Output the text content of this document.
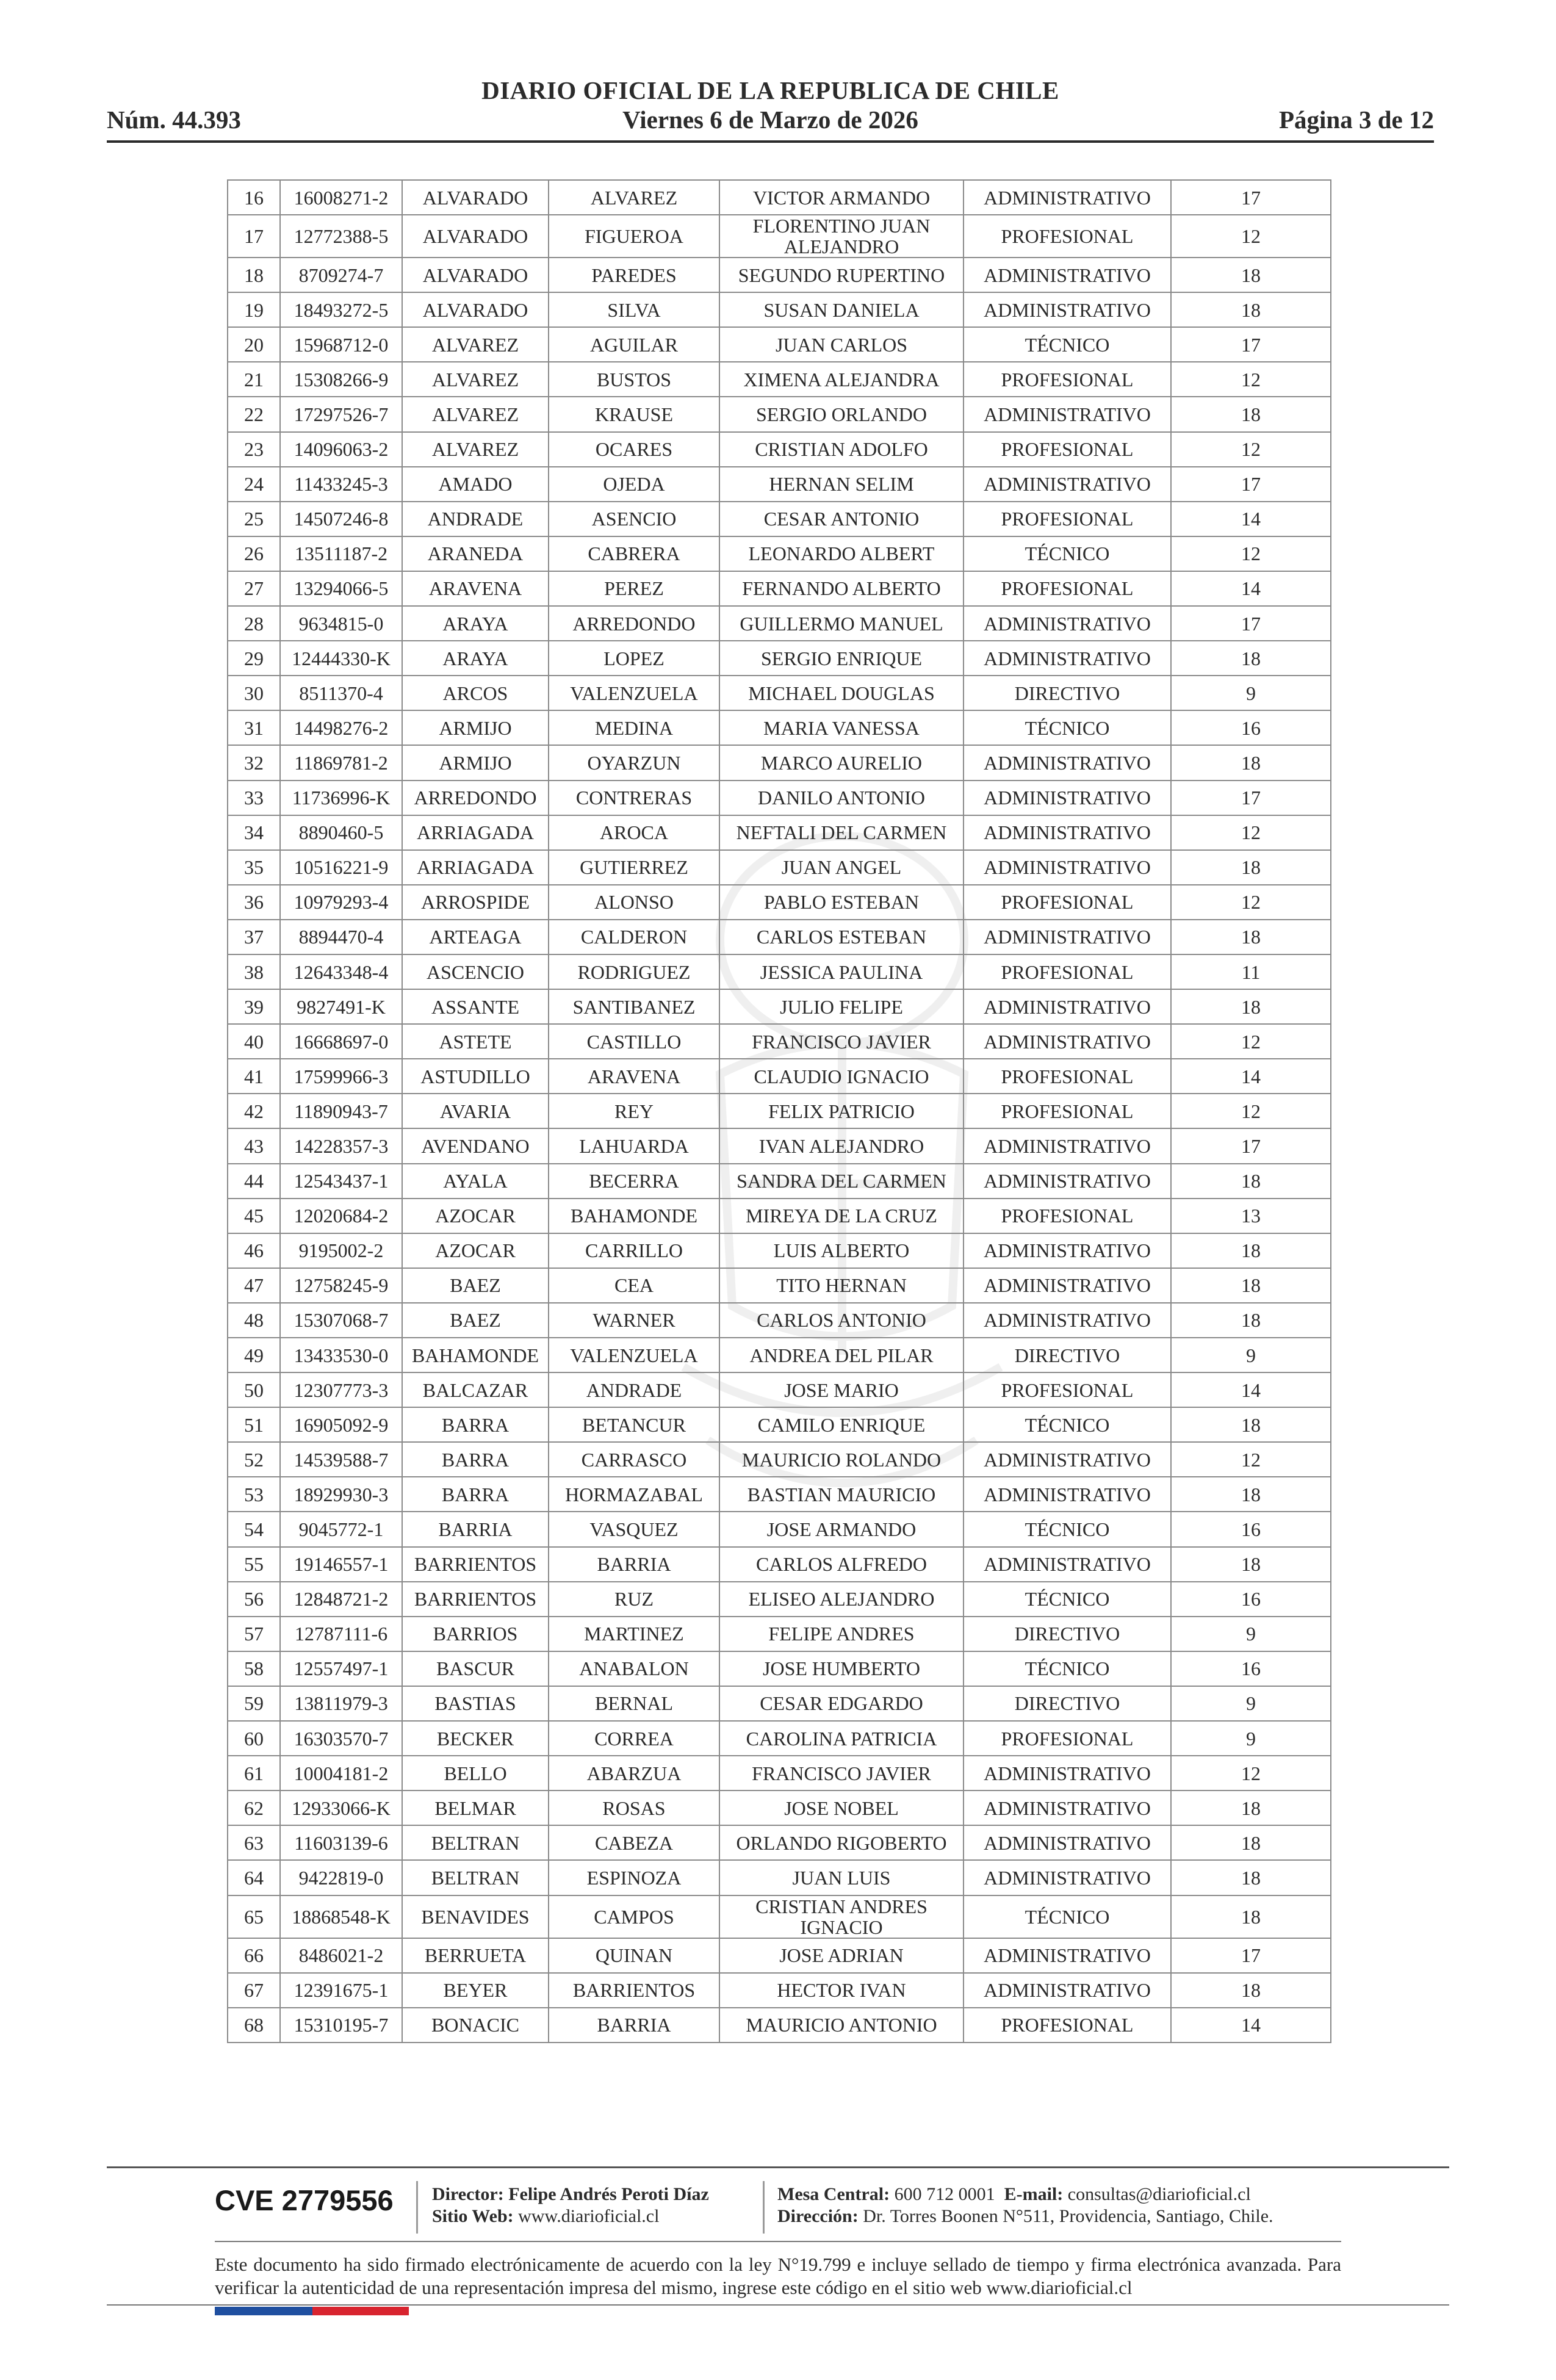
DIARIO OFICIAL DE LA REPUBLICA DE CHILE
Núm. 44.393	Viernes 6 de Marzo de 2026	Página 3 de 12
16	16008271-2	ALVARADO	ALVAREZ	VICTOR ARMANDO	ADMINISTRATIVO	17
17	12772388-5	ALVARADO	FIGUEROA	FLORENTINO JUAN ALEJANDRO	PROFESIONAL	12
18	8709274-7	ALVARADO	PAREDES	SEGUNDO RUPERTINO	ADMINISTRATIVO	18
19	18493272-5	ALVARADO	SILVA	SUSAN DANIELA	ADMINISTRATIVO	18
20	15968712-0	ALVAREZ	AGUILAR	JUAN CARLOS	TÉCNICO	17
21	15308266-9	ALVAREZ	BUSTOS	XIMENA ALEJANDRA	PROFESIONAL	12
22	17297526-7	ALVAREZ	KRAUSE	SERGIO ORLANDO	ADMINISTRATIVO	18
23	14096063-2	ALVAREZ	OCARES	CRISTIAN ADOLFO	PROFESIONAL	12
24	11433245-3	AMADO	OJEDA	HERNAN SELIM	ADMINISTRATIVO	17
25	14507246-8	ANDRADE	ASENCIO	CESAR ANTONIO	PROFESIONAL	14
26	13511187-2	ARANEDA	CABRERA	LEONARDO ALBERT	TÉCNICO	12
27	13294066-5	ARAVENA	PEREZ	FERNANDO ALBERTO	PROFESIONAL	14
28	9634815-0	ARAYA	ARREDONDO	GUILLERMO MANUEL	ADMINISTRATIVO	17
29	12444330-K	ARAYA	LOPEZ	SERGIO ENRIQUE	ADMINISTRATIVO	18
30	8511370-4	ARCOS	VALENZUELA	MICHAEL DOUGLAS	DIRECTIVO	9
31	14498276-2	ARMIJO	MEDINA	MARIA VANESSA	TÉCNICO	16
32	11869781-2	ARMIJO	OYARZUN	MARCO AURELIO	ADMINISTRATIVO	18
33	11736996-K	ARREDONDO	CONTRERAS	DANILO ANTONIO	ADMINISTRATIVO	17
34	8890460-5	ARRIAGADA	AROCA	NEFTALI DEL CARMEN	ADMINISTRATIVO	12
35	10516221-9	ARRIAGADA	GUTIERREZ	JUAN ANGEL	ADMINISTRATIVO	18
36	10979293-4	ARROSPIDE	ALONSO	PABLO ESTEBAN	PROFESIONAL	12
37	8894470-4	ARTEAGA	CALDERON	CARLOS ESTEBAN	ADMINISTRATIVO	18
38	12643348-4	ASCENCIO	RODRIGUEZ	JESSICA PAULINA	PROFESIONAL	11
39	9827491-K	ASSANTE	SANTIBANEZ	JULIO FELIPE	ADMINISTRATIVO	18
40	16668697-0	ASTETE	CASTILLO	FRANCISCO JAVIER	ADMINISTRATIVO	12
41	17599966-3	ASTUDILLO	ARAVENA	CLAUDIO IGNACIO	PROFESIONAL	14
42	11890943-7	AVARIA	REY	FELIX PATRICIO	PROFESIONAL	12
43	14228357-3	AVENDANO	LAHUARDA	IVAN ALEJANDRO	ADMINISTRATIVO	17
44	12543437-1	AYALA	BECERRA	SANDRA DEL CARMEN	ADMINISTRATIVO	18
45	12020684-2	AZOCAR	BAHAMONDE	MIREYA DE LA CRUZ	PROFESIONAL	13
46	9195002-2	AZOCAR	CARRILLO	LUIS ALBERTO	ADMINISTRATIVO	18
47	12758245-9	BAEZ	CEA	TITO HERNAN	ADMINISTRATIVO	18
48	15307068-7	BAEZ	WARNER	CARLOS ANTONIO	ADMINISTRATIVO	18
49	13433530-0	BAHAMONDE	VALENZUELA	ANDREA DEL PILAR	DIRECTIVO	9
50	12307773-3	BALCAZAR	ANDRADE	JOSE MARIO	PROFESIONAL	14
51	16905092-9	BARRA	BETANCUR	CAMILO ENRIQUE	TÉCNICO	18
52	14539588-7	BARRA	CARRASCO	MAURICIO ROLANDO	ADMINISTRATIVO	12
53	18929930-3	BARRA	HORMAZABAL	BASTIAN MAURICIO	ADMINISTRATIVO	18
54	9045772-1	BARRIA	VASQUEZ	JOSE ARMANDO	TÉCNICO	16
55	19146557-1	BARRIENTOS	BARRIA	CARLOS ALFREDO	ADMINISTRATIVO	18
56	12848721-2	BARRIENTOS	RUZ	ELISEO ALEJANDRO	TÉCNICO	16
57	12787111-6	BARRIOS	MARTINEZ	FELIPE ANDRES	DIRECTIVO	9
58	12557497-1	BASCUR	ANABALON	JOSE HUMBERTO	TÉCNICO	16
59	13811979-3	BASTIAS	BERNAL	CESAR EDGARDO	DIRECTIVO	9
60	16303570-7	BECKER	CORREA	CAROLINA PATRICIA	PROFESIONAL	9
61	10004181-2	BELLO	ABARZUA	FRANCISCO JAVIER	ADMINISTRATIVO	12
62	12933066-K	BELMAR	ROSAS	JOSE NOBEL	ADMINISTRATIVO	18
63	11603139-6	BELTRAN	CABEZA	ORLANDO RIGOBERTO	ADMINISTRATIVO	18
64	9422819-0	BELTRAN	ESPINOZA	JUAN LUIS	ADMINISTRATIVO	18
65	18868548-K	BENAVIDES	CAMPOS	CRISTIAN ANDRES IGNACIO	TÉCNICO	18
66	8486021-2	BERRUETA	QUINAN	JOSE ADRIAN	ADMINISTRATIVO	17
67	12391675-1	BEYER	BARRIENTOS	HECTOR IVAN	ADMINISTRATIVO	18
68	15310195-7	BONACIC	BARRIA	MAURICIO ANTONIO	PROFESIONAL	14
CVE 2779556 Director: Felipe Andrés Peroti Díaz
Sitio Web: www.diarioficial.cl
Mesa Central: 600 712 0001 E-mail: consultas@diarioficial.cl
Dirección: Dr. Torres Boonen N°511, Providencia, Santiago, Chile.
Este documento ha sido firmado electrónicamente de acuerdo con la ley N°19.799 e incluye sellado de tiempo y firma electrónica avanzada. Para verificar la autenticidad de una representación impresa del mismo, ingrese este código en el sitio web www.diarioficial.cl
